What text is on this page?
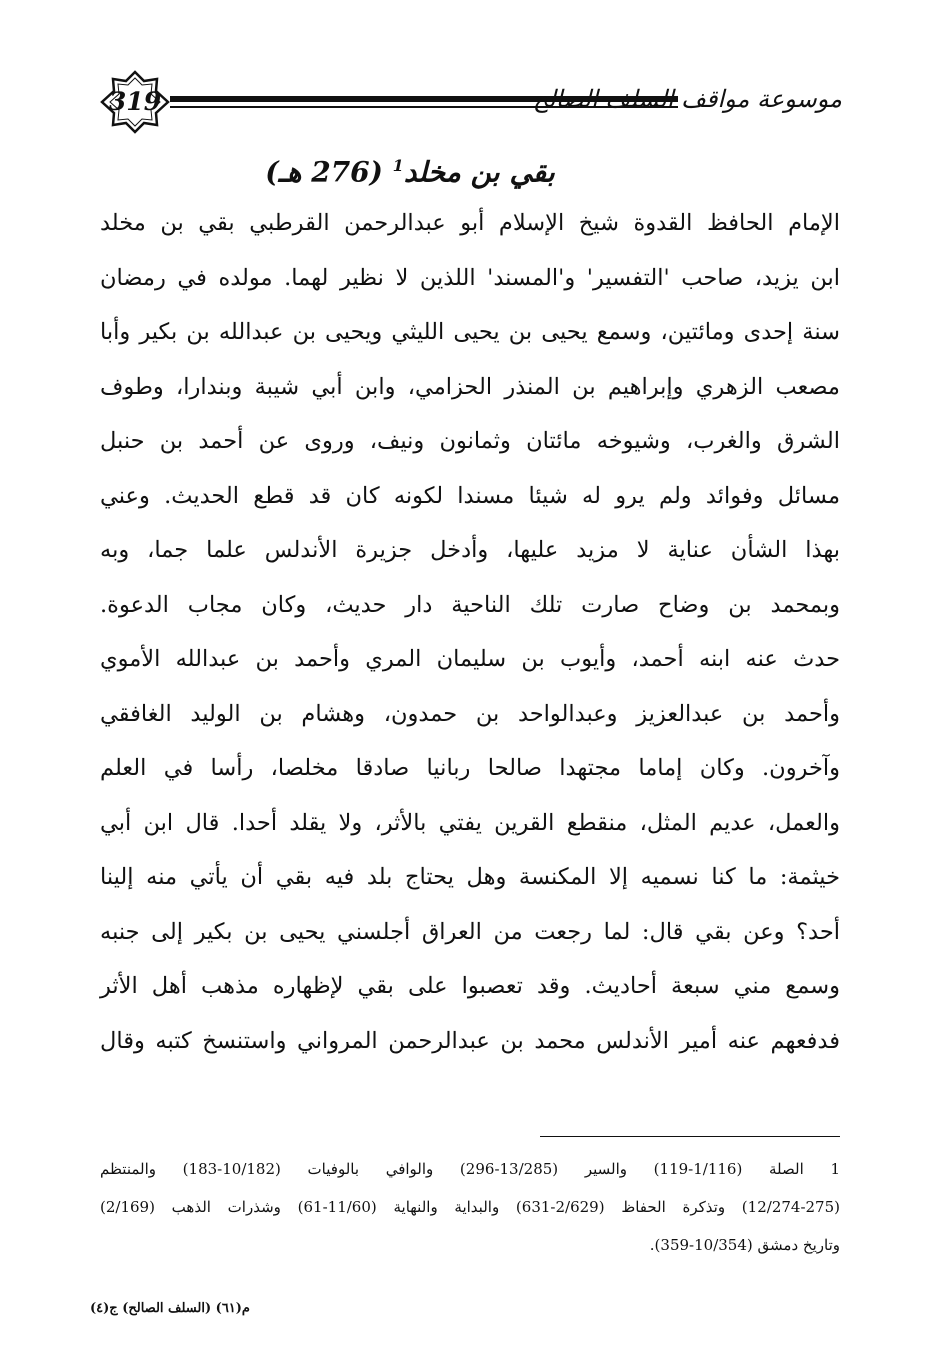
319	موسوعة مواقف السلف الصالح
بقي بن مخلد$^1$ (276 هـ)
الإمام الحافظ القدوة شيخ الإسلام أبو عبدالرحمن القرطبي بقي بن مخلد
ابن يزيد، صاحب 'التفسير' و'المسند' اللذين لا نظير لهما. مولده في رمضان
سنة إحدى ومائتين، وسمع يحيى بن يحيى الليثي ويحيى بن عبدالله بن بكير وأبا
مصعب الزهري وإبراهيم بن المنذر الحزامي، وابن أبي شيبة وبندارا، وطوف
الشرق والغرب، وشيوخه مائتان وثمانون ونيف، وروى عن أحمد بن حنبل
مسائل وفوائد ولم يرو له شيئا مسندا لكونه كان قد قطع الحديث. وعني
بهذا الشأن عناية لا مزيد عليها، وأدخل جزيرة الأندلس علما جما، وبه
وبمحمد بن وضاح صارت تلك الناحية دار حديث، وكان مجاب الدعوة.
حدث عنه ابنه أحمد، وأيوب بن سليمان المري وأحمد بن عبدالله الأموي
وأحمد بن عبدالعزيز وعبدالواحد بن حمدون، وهشام بن الوليد الغافقي
وآخرون. وكان إماما مجتهدا صالحا ربانيا صادقا مخلصا، رأسا في العلم
والعمل، عديم المثل، منقطع القرين يفتي بالأثر، ولا يقلد أحدا. قال ابن أبي
خيثمة: ما كنا نسميه إلا المكنسة وهل يحتاج بلد فيه بقي أن يأتي منه إلينا
أحد؟ وعن بقي قال: لما رجعت من العراق أجلسني يحيى بن بكير إلى جنبه
وسمع مني سبعة أحاديث. وقد تعصبوا على بقي لإظهاره مذهب أهل الأثر
فدفعهم عنه أمير الأندلس محمد بن عبدالرحمن المرواني واستنسخ كتبه وقال
1 الصلة (1/116-119) والسير (13/285-296) والوافي بالوفيات (10/182-183) والمنتظم
(12/274-275) وتذكرة الحفاظ (2/629-631) والبداية والنهاية (11/60-61) وشذرات الذهب (2/169)
وتاريخ دمشق (10/354-359).
م(٦١) (السلف الصالح) ج(٤)
